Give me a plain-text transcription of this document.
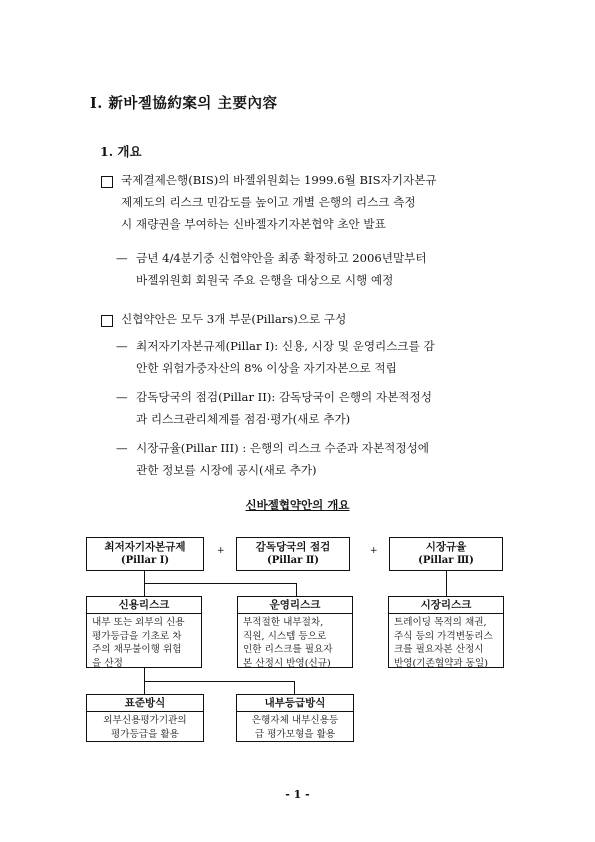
Ⅰ. 新바젤協約案의 主要內容
1. 개요
국제결제은행(BIS)의 바젤위원회는 1999.6월 BIS자기자본규
제제도의 리스크 민감도를 높이고 개별 은행의 리스크 측정
시 재량권을 부여하는 신바젤자기자본협약 초안 발표
— 금년 4/4분기중 신협약안을 최종 확정하고 2006년말부터
바젤위원회 회원국 주요 은행을 대상으로 시행 예정
신협약안은 모두 3개 부문(Pillars)으로 구성
— 최저자기자본규제(Pillar I): 신용, 시장 및 운영리스크를 감
안한 위험가중자산의 8% 이상을 자기자본으로 적립
— 감독당국의 점검(Pillar II): 감독당국이 은행의 자본적정성
과 리스크관리체계를 점검·평가(새로 추가)
— 시장규율(Pillar III) : 은행의 리스크 수준과 자본적정성에
관한 정보를 시장에 공시(새로 추가)
신바젤협약안의 개요
최저자기자본규제
(Pillar Ⅰ)
+	감독당국의 점검
(Pillar Ⅱ)
+	시장규율
(Pillar Ⅲ)
신용리스크
내부 또는 외부의 신용
평가등급을 기초로 차
주의 채무불이행 위험
을 산정
운영리스크
부적절한 내부절차,
직원, 시스템 등으로
인한 리스크를 필요자
본 산정시 반영(신규)
시장리스크
트레이딩 목적의 채권,
주식 등의 가격변동리스
크를 필요자본 산정시
반영(기존협약과 동일)
표준방식
외부신용평가기관의
평가등급을 활용
내부등급방식
은행자체 내부신용등
급 평가모형을 활용
- 1 -
